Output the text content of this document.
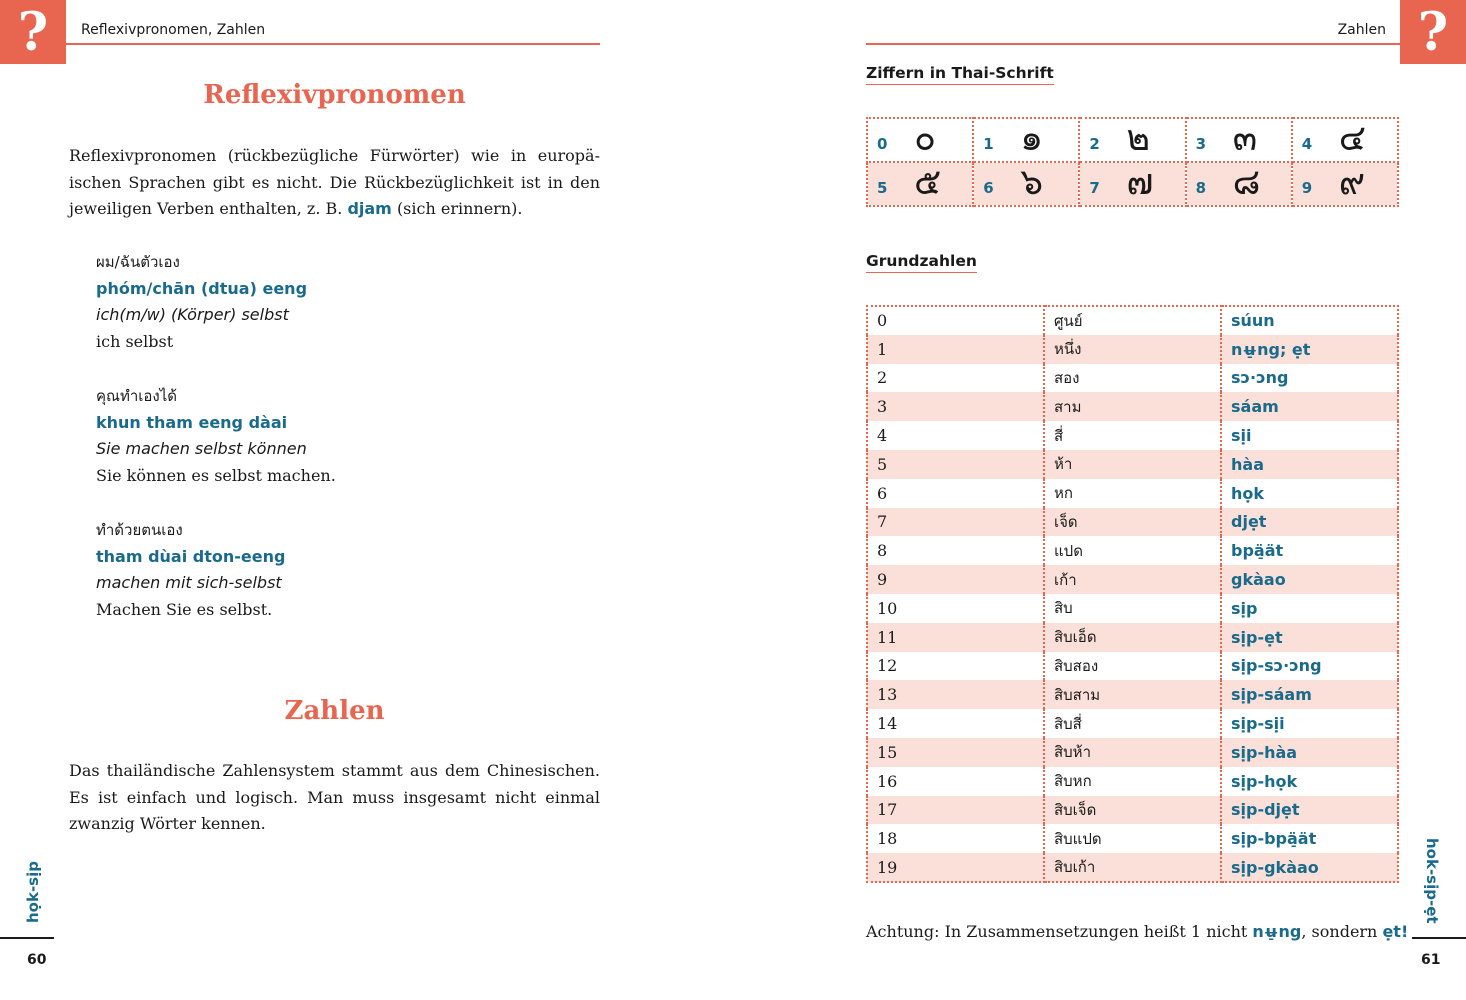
?	Reflexivpronomen, Zahlen
Reflexivpronomen
Reflexivpronomen (rückbezügliche Fürwörter) wie in europäischen Sprachen gibt es nicht. Die Rückbezüglichkeit ist in den jeweiligen Verben enthalten, z. B. djam (sich erinnern).
ผม/ฉันตัวเอง
phóm/chān (dtua) eeng
ich(m/w) (Körper) selbst
ich selbst
คุณทำเองได้
khun tham eeng dàai
Sie machen selbst können
Sie können es selbst machen.
ทำด้วยตนเอง
tham dùai dton-eeng
machen mit sich-selbst
Machen Sie es selbst.
Zahlen
Das thailändische Zahlensystem stammt aus dem Chinesischen. Es ist einfach und logisch. Man muss insgesamt nicht einmal zwanzig Wörter kennen.
họk-sịp
60
?
Zahlen
Ziffern in Thai-Schrift
0 ๐	1 ๑	2 ๒	3 ๓	4 ๔

5 ๕	6 ๖	7 ๗	8 ๘	9 ๙
Grundzahlen
0	ศูนย์	súun
1	หนึ่ง	nʉ̠ng; ẹt
2	สอง	sɔ·ɔng
3	สาม	sáam
4	สี่	sịi
5	ห้า	hàa
6	หก	họk
7	เจ็ด	djẹt
8	แปด	bpä̠ät
9	เก้า	gkàao
10	สิบ	sịp
11	สิบเอ็ด	sịp-ẹt
12	สิบสอง	sịp-sɔ·ɔng
13	สิบสาม	sịp-sáam
14	สิบสี่	sịp-sịi
15	สิบห้า	sịp-hàa
16	สิบหก	sịp-họk
17	สิบเจ็ด	sịp-djẹt
18	สิบแปด	sịp-bpä̠ät
19	สิบเก้า	sịp-gkàao
Achtung: In Zusammensetzungen heißt 1 nicht nʉ̠ng, sondern ẹt!
hok-sịp-ẹt
61
